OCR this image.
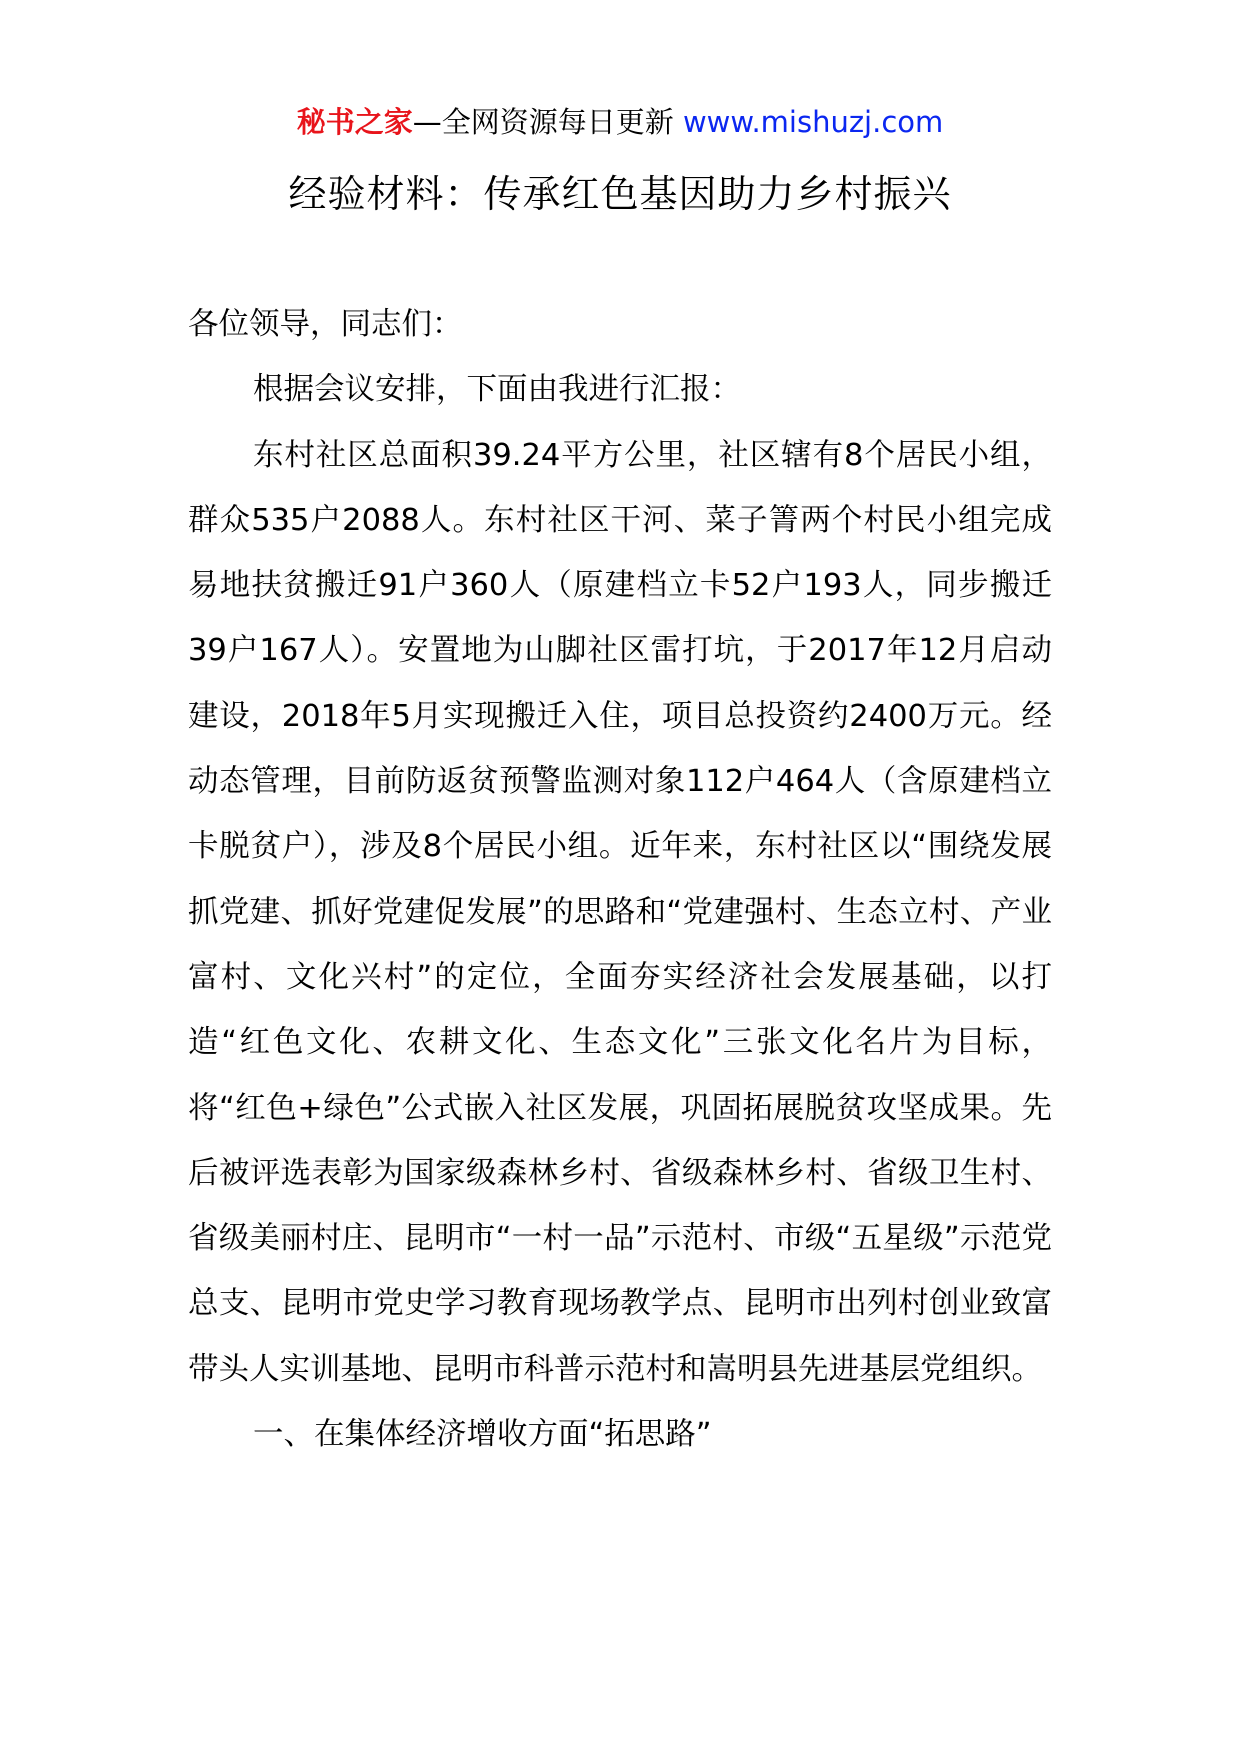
秘书之家—全网资源每日更新 www.mishuzj.com
经验材料：传承红色基因助力乡村振兴

各位领导，同志们：

根据会议安排，下面由我进行汇报：

东村社区总面积39.24平方公里，社区辖有8个居民小组，群众535户2088人。东村社区干河、菜子箐两个村民小组完成易地扶贫搬迁91户360人（原建档立卡52户193人，同步搬迁39户167人）。安置地为山脚社区雷打坑，于2017年12月启动建设，2018年5月实现搬迁入住，项目总投资约2400万元。经动态管理，目前防返贫预警监测对象112户464人（含原建档立卡脱贫户），涉及8个居民小组。近年来，东村社区以“围绕发展抓党建、抓好党建促发展”的思路和“党建强村、生态立村、产业富村、文化兴村”的定位，全面夯实经济社会发展基础，以打造“红色文化、农耕文化、生态文化”三张文化名片为目标，将“红色+绿色”公式嵌入社区发展，巩固拓展脱贫攻坚成果。先后被评选表彰为国家级森林乡村、省级森林乡村、省级卫生村、省级美丽村庄、昆明市“一村一品”示范村、市级“五星级”示范党总支、昆明市党史学习教育现场教学点、昆明市出列村创业致富带头人实训基地、昆明市科普示范村和嵩明县先进基层党组织。

一、在集体经济增收方面“拓思路”
